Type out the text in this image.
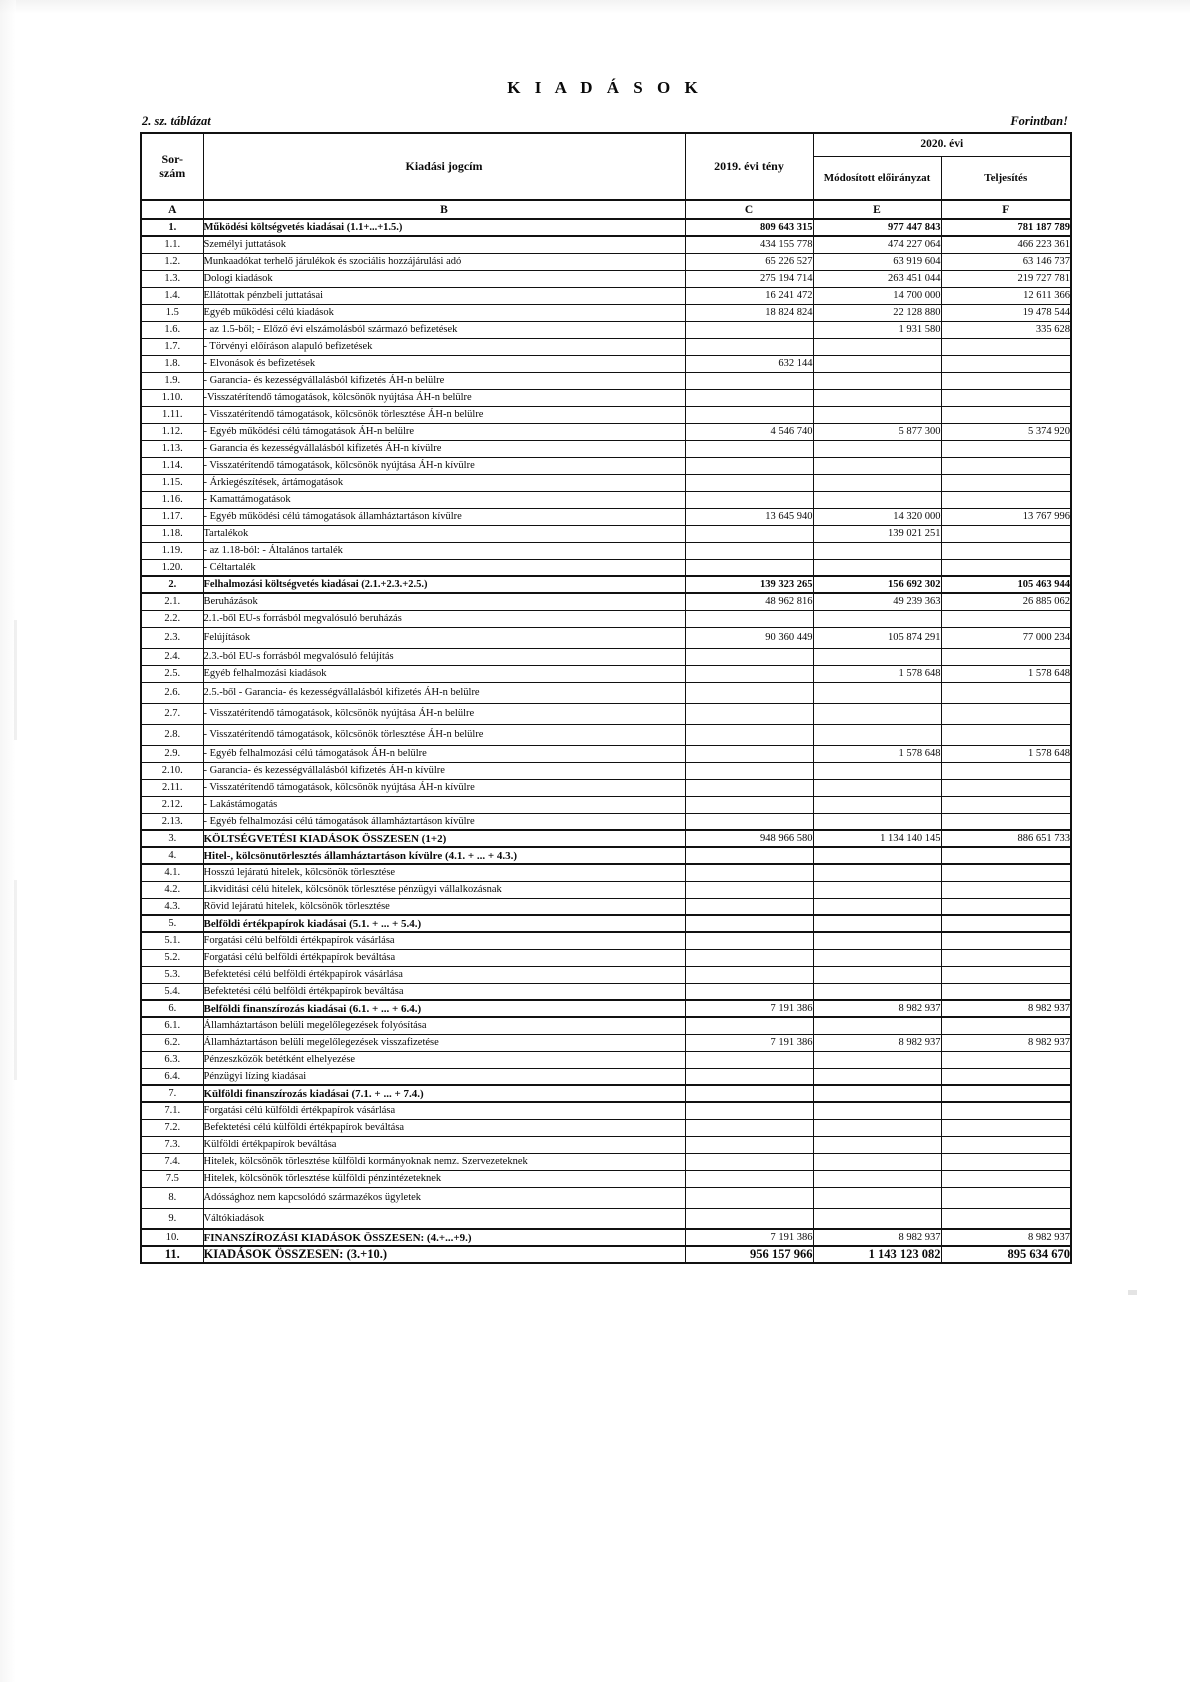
K I A D Á S O K
2. sz. táblázat	Forintban!
Sor-
szám	Kiadási jogcím	2019. évi tény	2020. évi	
			Módosított előirányzat	Teljesítés
A	B	C	E	F
1.	Működési költségvetés kiadásai (1.1+...+1.5.)	809 643 315	977 447 843	781 187 789
1.1.	Személyi juttatások	434 155 778	474 227 064	466 223 361
1.2.	Munkaadókat terhelő járulékok és szociális hozzájárulási adó	65 226 527	63 919 604	63 146 737
1.3.	Dologi kiadások	275 194 714	263 451 044	219 727 781
1.4.	Ellátottak pénzbeli juttatásai	16 241 472	14 700 000	12 611 366
1.5	Egyéb működési célú kiadások	18 824 824	22 128 880	19 478 544
1.6.	- az 1.5-ből; - Előző évi elszámolásból származó befizetések		1 931 580	335 628
1.7.	- Törvényi előíráson alapuló befizetések			
1.8.	- Elvonások és befizetések	632 144		
1.9.	- Garancia- és kezességvállalásból kifizetés ÁH-n belülre			
1.10.	-Visszatérítendő támogatások, kölcsönök nyújtása ÁH-n belülre			
1.11.	- Visszatérítendő támogatások, kölcsönök törlesztése ÁH-n belülre			
1.12.	- Egyéb működési célú támogatások ÁH-n belülre	4 546 740	5 877 300	5 374 920
1.13.	- Garancia és kezességvállalásból kifizetés ÁH-n kívülre			
1.14.	- Visszatérítendő támogatások, kölcsönök nyújtása ÁH-n kívülre			
1.15.	- Árkiegészítések, ártámogatások			
1.16.	- Kamattámogatások			
1.17.	- Egyéb működési célú támogatások államháztartáson kívülre	13 645 940	14 320 000	13 767 996
1.18.	Tartalékok		139 021 251	
1.19.	- az 1.18-ból: - Általános tartalék			
1.20.	- Céltartalék			
2.	Felhalmozási költségvetés kiadásai (2.1.+2.3.+2.5.)	139 323 265	156 692 302	105 463 944
2.1.	Beruházások	48 962 816	49 239 363	26 885 062
2.2.	2.1.-ből EU-s forrásból megvalósuló beruházás			
2.3.	Felújítások	90 360 449	105 874 291	77 000 234
2.4.	2.3.-ból EU-s forrásból megvalósuló felújítás			
2.5.	Egyéb felhalmozási kiadások		1 578 648	1 578 648
2.6.	2.5.-ből - Garancia- és kezességvállalásból kifizetés ÁH-n belülre			
2.7.	- Visszatérítendő támogatások, kölcsönök nyújtása ÁH-n belülre			
2.8.	- Visszatérítendő támogatások, kölcsönök törlesztése ÁH-n belülre			
2.9.	- Egyéb felhalmozási célú támogatások ÁH-n belülre		1 578 648	1 578 648
2.10.	- Garancia- és kezességvállalásból kifizetés ÁH-n kívülre			
2.11.	- Visszatérítendő támogatások, kölcsönök nyújtása ÁH-n kívülre			
2.12.	- Lakástámogatás			
2.13.	- Egyéb felhalmozási célú támogatások államháztartáson kívülre			
3.	KÖLTSÉGVETÉSI KIADÁSOK ÖSSZESEN (1+2)	948 966 580	1 134 140 145	886 651 733
4.	Hitel-, kölcsönutörlesztés államháztartáson kívülre (4.1. + ... + 4.3.)			
4.1.	Hosszú lejáratú hitelek, kölcsönök törlesztése			
4.2.	Likviditási célú hitelek, kölcsönök törlesztése pénzügyi vállalkozásnak			
4.3.	Rövid lejáratú hitelek, kölcsönök törlesztése			
5.	Belföldi értékpapírok kiadásai (5.1. + ... + 5.4.)			
5.1.	Forgatási célú belföldi értékpapírok vásárlása			
5.2.	Forgatási célú belföldi értékpapírok beváltása			
5.3.	Befektetési célú belföldi értékpapírok vásárlása			
5.4.	Befektetési célú belföldi értékpapírok beváltása			
6.	Belföldi finanszírozás kiadásai (6.1. + ... + 6.4.)	7 191 386	8 982 937	8 982 937
6.1.	Államháztartáson belüli megelőlegezések folyósítása			
6.2.	Államháztartáson belüli megelőlegezések visszafizetése	7 191 386	8 982 937	8 982 937
6.3.	Pénzeszközök betétként elhelyezése			
6.4.	Pénzügyi lízing kiadásai			
7.	Külföldi finanszírozás kiadásai (7.1. + ... + 7.4.)			
7.1.	Forgatási célú külföldi értékpapírok vásárlása			
7.2.	Befektetési célú külföldi értékpapírok beváltása			
7.3.	Külföldi értékpapírok beváltása			
7.4.	Hitelek, kölcsönök törlesztése külföldi kormányoknak nemz. Szervezeteknek			
7.5	Hitelek, kölcsönök törlesztése külföldi pénzintézeteknek			
8.	Adóssághoz nem kapcsolódó származékos ügyletek			
9.	Váltókiadások			
10.	FINANSZÍROZÁSI KIADÁSOK ÖSSZESEN: (4.+...+9.)	7 191 386	8 982 937	8 982 937
11.	KIADÁSOK ÖSSZESEN: (3.+10.)	956 157 966	1 143 123 082	895 634 670
